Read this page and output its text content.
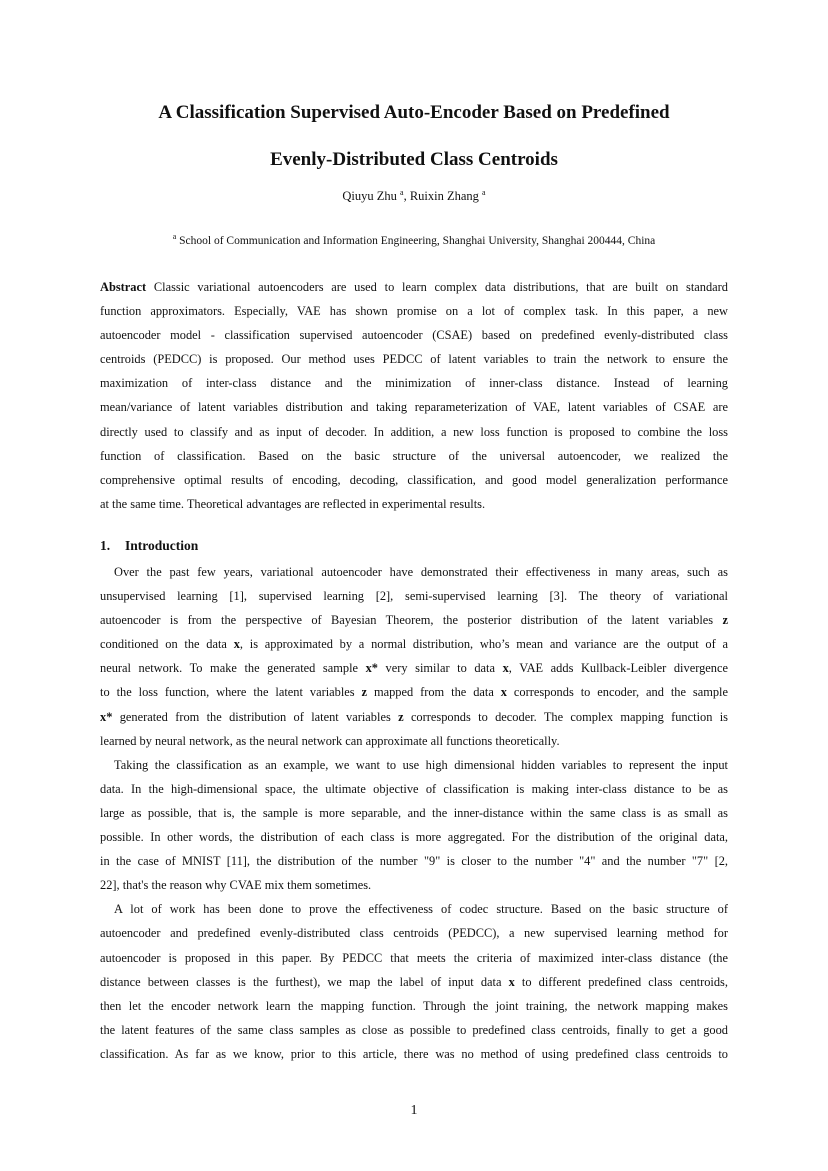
A Classification Supervised Auto-Encoder Based on Predefined
Evenly-Distributed Class Centroids
Qiuyu Zhu $^a$, Ruixin Zhang $^a$
$^a$ School of Communication and Information Engineering, Shanghai University, Shanghai 200444, China
Abstract Classic variational autoencoders are used to learn complex data distributions, that are built on standard
function approximators. Especially, VAE has shown promise on a lot of complex task. In this paper, a new
autoencoder model - classification supervised autoencoder (CSAE) based on predefined evenly-distributed class
centroids (PEDCC) is proposed. Our method uses PEDCC of latent variables to train the network to ensure the
maximization of inter-class distance and the minimization of inner-class distance. Instead of learning
mean/variance of latent variables distribution and taking reparameterization of VAE, latent variables of CSAE are
directly used to classify and as input of decoder. In addition, a new loss function is proposed to combine the loss
function of classification. Based on the basic structure of the universal autoencoder, we realized the
comprehensive optimal results of encoding, decoding, classification, and good model generalization performance
at the same time. Theoretical advantages are reflected in experimental results.
1. Introduction
Over the past few years, variational autoencoder have demonstrated their effectiveness in many areas, such as
unsupervised learning [1], supervised learning [2], semi-supervised learning [3]. The theory of variational
autoencoder is from the perspective of Bayesian Theorem, the posterior distribution of the latent variables z
conditioned on the data x, is approximated by a normal distribution, who’s mean and variance are the output of a
neural network. To make the generated sample x* very similar to data x, VAE adds Kullback-Leibler divergence
to the loss function, where the latent variables z mapped from the data x corresponds to encoder, and the sample
x* generated from the distribution of latent variables z corresponds to decoder. The complex mapping function is
learned by neural network, as the neural network can approximate all functions theoretically.
Taking the classification as an example, we want to use high dimensional hidden variables to represent the input
data. In the high-dimensional space, the ultimate objective of classification is making inter-class distance to be as
large as possible, that is, the sample is more separable, and the inner-distance within the same class is as small as
possible. In other words, the distribution of each class is more aggregated. For the distribution of the original data,
in the case of MNIST [11], the distribution of the number "9" is closer to the number "4" and the number "7" [2,
22], that's the reason why CVAE mix them sometimes.
A lot of work has been done to prove the effectiveness of codec structure. Based on the basic structure of
autoencoder and predefined evenly-distributed class centroids (PEDCC), a new supervised learning method for
autoencoder is proposed in this paper. By PEDCC that meets the criteria of maximized inter-class distance (the
distance between classes is the furthest), we map the label of input data x to different predefined class centroids,
then let the encoder network learn the mapping function. Through the joint training, the network mapping makes
the latent features of the same class samples as close as possible to predefined class centroids, finally to get a good
classification. As far as we know, prior to this article, there was no method of using predefined class centroids to
1
